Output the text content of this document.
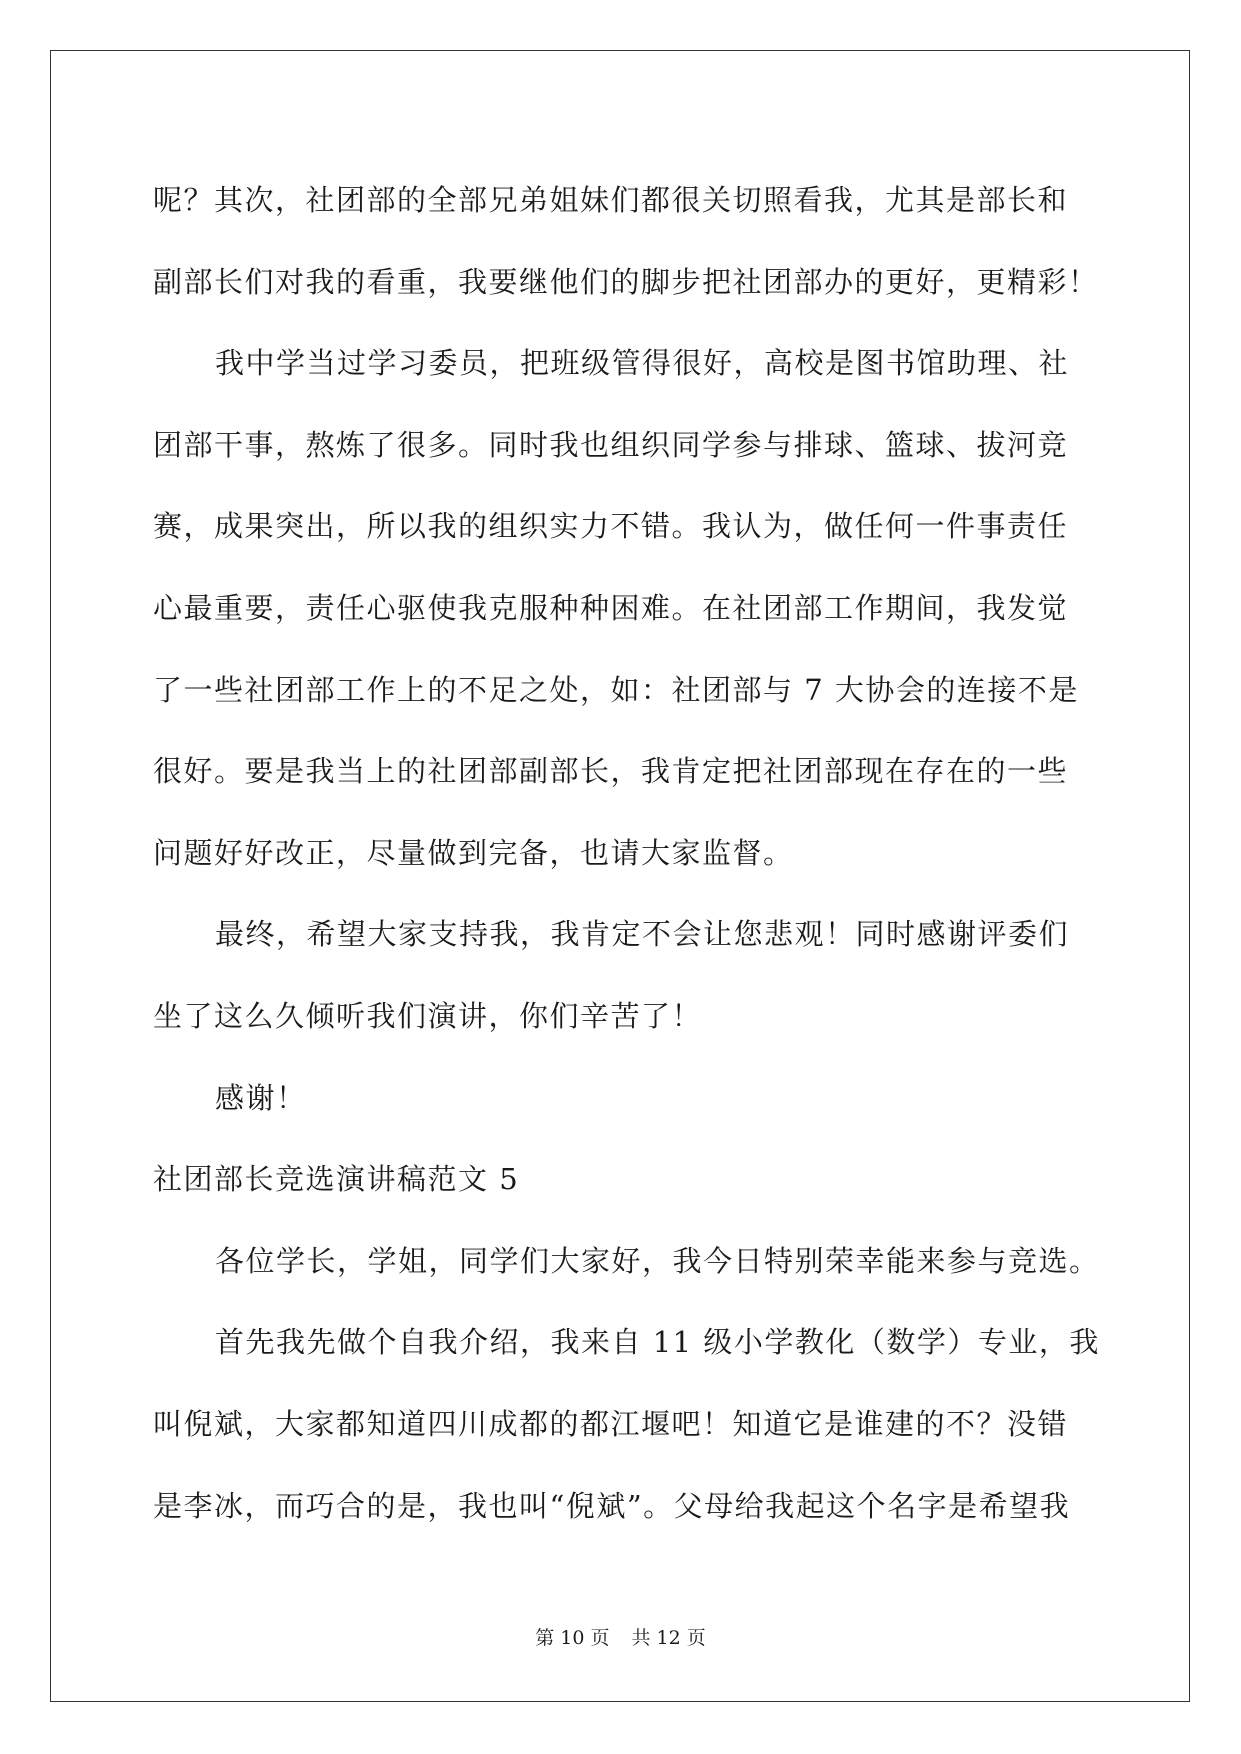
呢？其次，社团部的全部兄弟姐妹们都很关切照看我，尤其是部长和
副部长们对我的看重，我要继他们的脚步把社团部办的更好，更精彩！
我中学当过学习委员，把班级管得很好，高校是图书馆助理、社
团部干事，熬炼了很多。同时我也组织同学参与排球、篮球、拔河竞
赛，成果突出，所以我的组织实力不错。我认为，做任何一件事责任
心最重要，责任心驱使我克服种种困难。在社团部工作期间，我发觉
了一些社团部工作上的不足之处，如：社团部与 7 大协会的连接不是
很好。要是我当上的社团部副部长，我肯定把社团部现在存在的一些
问题好好改正，尽量做到完备，也请大家监督。
最终，希望大家支持我，我肯定不会让您悲观！同时感谢评委们
坐了这么久倾听我们演讲，你们辛苦了！
感谢！
社团部长竞选演讲稿范文 5
各位学长，学姐，同学们大家好，我今日特别荣幸能来参与竞选。
首先我先做个自我介绍，我来自 11 级小学教化（数学）专业，我
叫倪斌，大家都知道四川成都的都江堰吧！知道它是谁建的不？没错
是李冰，而巧合的是，我也叫“倪斌”。父母给我起这个名字是希望我
第 10 页 共 12 页
